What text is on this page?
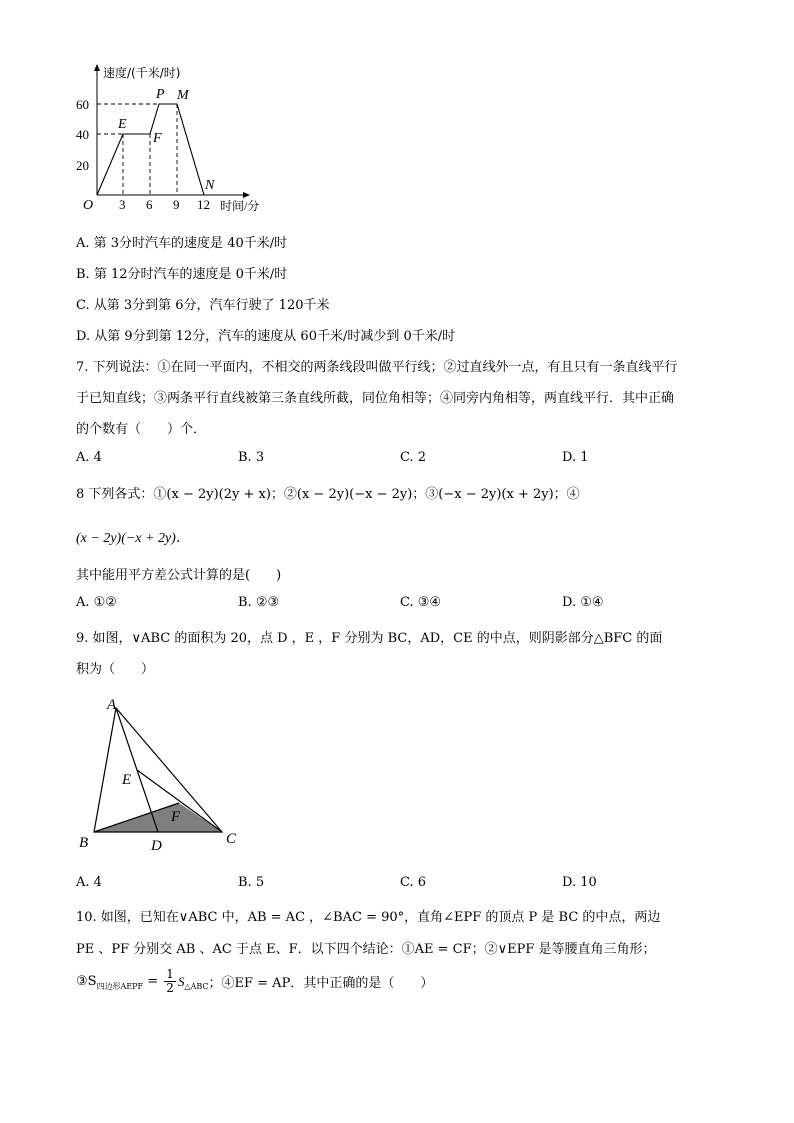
60
40
20
O 3 6 9 12
速度/(千米/时)
时间/分
E
F
P M
N
A. 第 3分时汽车的速度是 40千米/时
B. 第 12分时汽车的速度是 0千米/时
C. 从第 3分到第 6分，汽车行驶了 120千米
D. 从第 9分到第 12分，汽车的速度从 60千米/时减少到 0千米/时
7. 下列说法：①在同一平面内，不相交的两条线段叫做平行线；②过直线外一点，有且只有一条直线平行
于已知直线；③两条平行直线被第三条直线所截，同位角相等；④同旁内角相等，两直线平行．其中正确
的个数有（　　）个．
A. 4	B. 3	C. 2	D. 1
8 下列各式：①(x − 2y)(2y + x)；②(x − 2y)(−x − 2y)；③(−x − 2y)(x + 2y)；④
(x − 2y)(−x + 2y)．
其中能用平方差公式计算的是(　　)
A. ①②	B. ②③	C. ③④	D. ①④
9. 如图，∨ABC 的面积为 20，点 D ，E ，F 分别为 BC，AD，CE 的中点，则阴影部分△BFC 的面
积为（　　）
A
E
F
B	D	C
A. 4	B. 5	C. 6	D. 10
10. 如图，已知在∨ABC 中，AB = AC ，∠BAC = 90°，直角∠EPF 的顶点 P 是 BC 的中点，两边
PE 、PF 分别交 AB 、AC 于点 E、F．以下四个结论：①AE = CF；②∨EPF 是等腰直角三角形；
③S 四边形AEPF = $\frac{1}{2}$ S △ABC ；④EF = AP．其中正确的是（　　）
